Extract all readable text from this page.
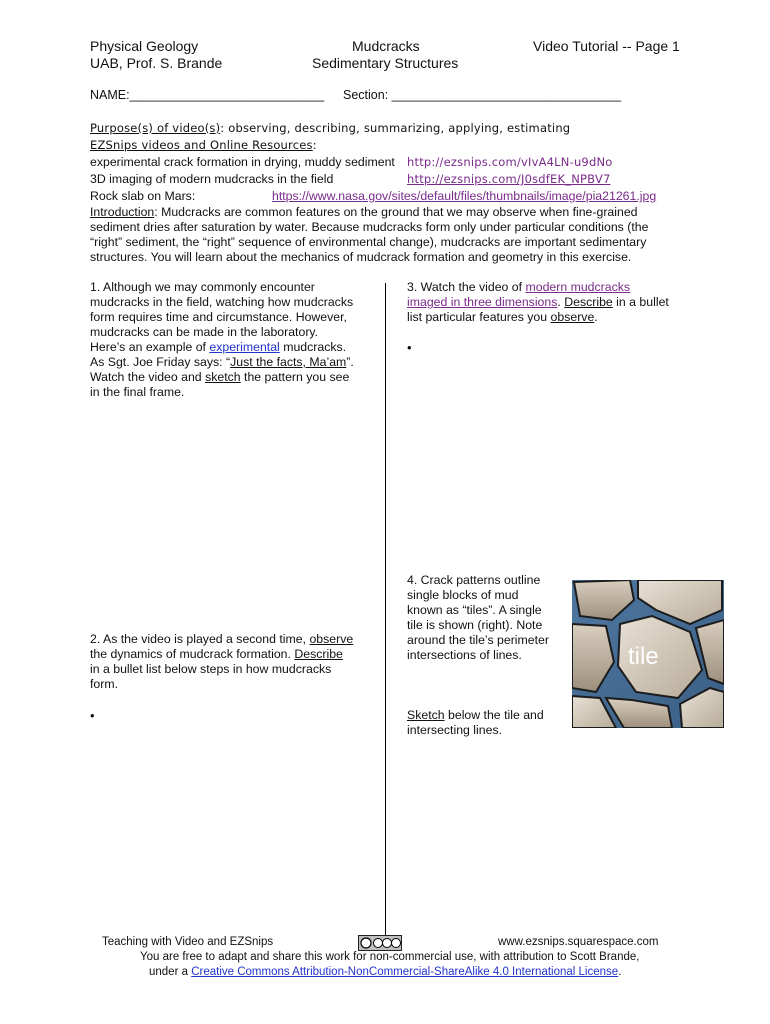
Physical Geology
UAB, Prof. S. Brande
Mudcracks
Sedimentary Structures
Video Tutorial -- Page 1
NAME:____________________________ Section: _________________________________
Purpose(s) of video(s): observing, describing, summarizing, applying, estimating
EZSnips videos and Online Resources:
experimental crack formation in drying, muddy sediment http://ezsnips.com/vIvA4LN-u9dNo
3D imaging of modern mudcracks in the field	http://ezsnips.com/J0sdfEK_NPBV7
Rock slab on Mars:	https://www.nasa.gov/sites/default/files/thumbnails/image/pia21261.jpg
Introduction: Mudcracks are common features on the ground that we may observe when fine-grained
sediment dries after saturation by water. Because mudcracks form only under particular conditions (the
“right” sediment, the “right” sequence of environmental change), mudcracks are important sedimentary
structures. You will learn about the mechanics of mudcrack formation and geometry in this exercise.
1. Although we may commonly encounter
mudcracks in the field, watching how mudcracks
form requires time and circumstance. However,
mudcracks can be made in the laboratory.
Here’s an example of experimental mudcracks.
As Sgt. Joe Friday says: “Just the facts, Ma’am”.
Watch the video and sketch the pattern you see
in the final frame.
2. As the video is played a second time, observe
the dynamics of mudcrack formation. Describe
in a bullet list below steps in how mudcracks
form.
•
3. Watch the video of modern mudcracks
imaged in three dimensions. Describe in a bullet
list particular features you observe.
•
4. Crack patterns outline
single blocks of mud
known as “tiles”. A single
tile is shown (right). Note
around the tile’s perimeter
intersections of lines.
Sketch below the tile and
intersecting lines.
tile
Teaching with Video and EZSnips	www.ezsnips.squarespace.com
You are free to adapt and share this work for non-commercial use, with attribution to Scott Brande,
under a Creative Commons Attribution-NonCommercial-ShareAlike 4.0 International License.
